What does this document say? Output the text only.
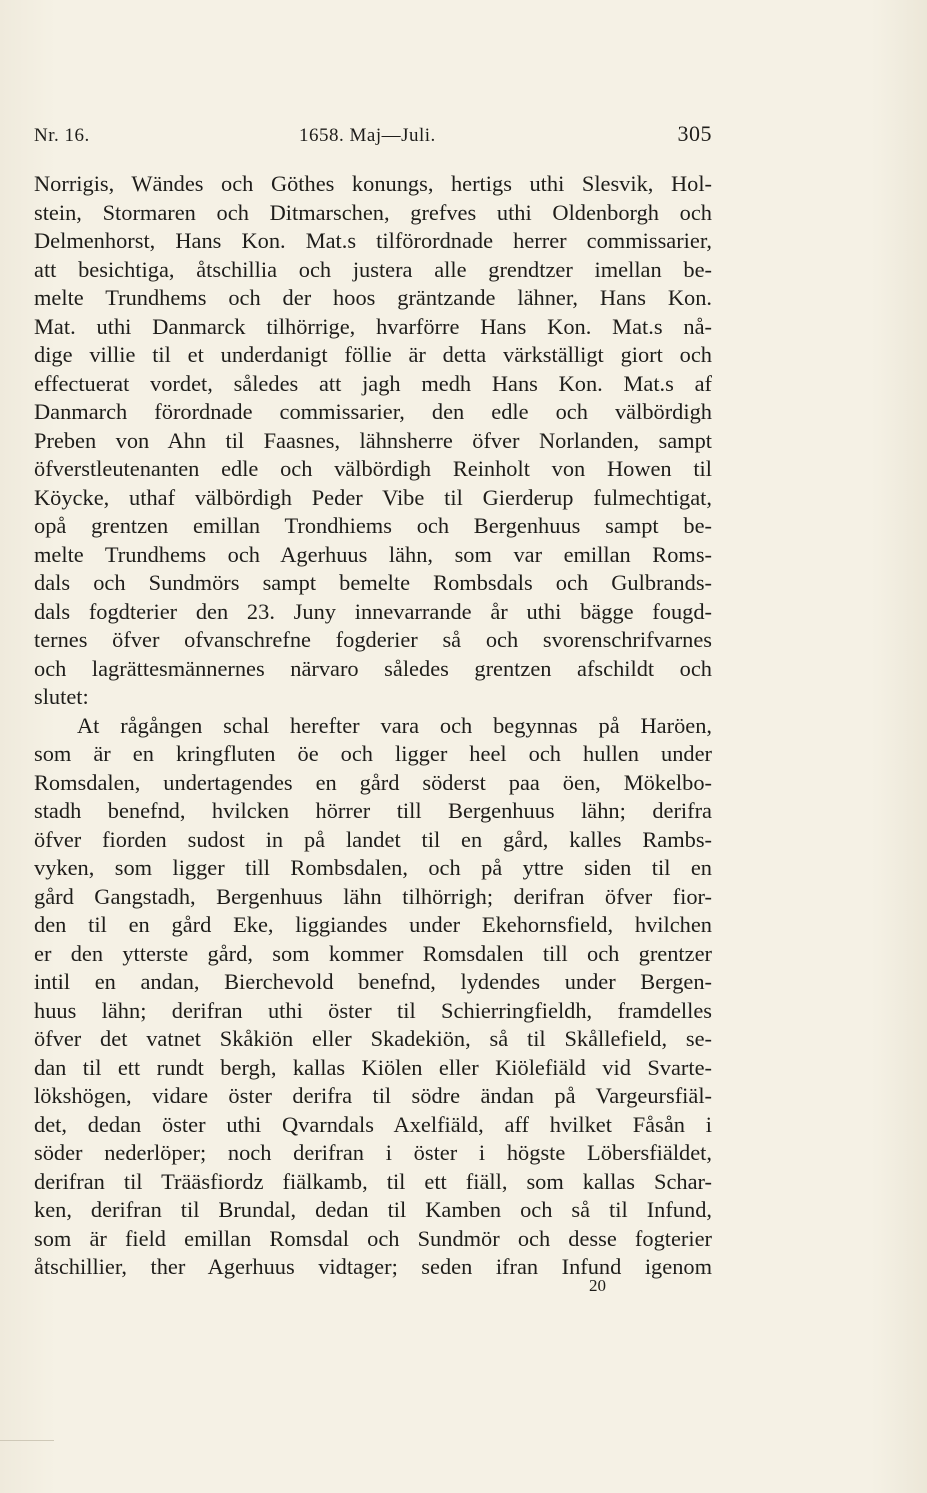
Nr. 16.	1658. Maj—Juli.	305
Norrigis, Wändes och Göthes konungs, hertigs uthi Slesvik, Hol-
stein, Stormaren och Ditmarschen, grefves uthi Oldenborgh och
Delmenhorst, Hans Kon. Mat.s tilförordnade herrer commissarier,
att besichtiga, åtschillia och justera alle grendtzer imellan be-
melte Trundhems och der hoos gräntzande lähner, Hans Kon.
Mat. uthi Danmarck tilhörrige, hvarförre Hans Kon. Mat.s nå-
dige villie til et underdanigt föllie är detta värkställigt giort och
effectuerat vordet, således att jagh medh Hans Kon. Mat.s af
Danmarch förordnade commissarier, den edle och välbördigh
Preben von Ahn til Faasnes, lähnsherre öfver Norlanden, sampt
öfverstleutenanten edle och välbördigh Reinholt von Howen til
Köycke, uthaf välbördigh Peder Vibe til Gierderup fulmechtigat,
opå grentzen emillan Trondhiems och Bergenhuus sampt be-
melte Trundhems och Agerhuus lähn, som var emillan Roms-
dals och Sundmörs sampt bemelte Rombsdals och Gulbrands-
dals fogdterier den 23. Juny innevarrande år uthi bägge fougd-
ternes öfver ofvanschrefne fogderier så och svorenschrifvarnes
och lagrättesmännernes närvaro således grentzen afschildt och
slutet:
At rågången schal herefter vara och begynnas på Haröen,
som är en kringfluten öe och ligger heel och hullen under
Romsdalen, undertagendes en gård söderst paa öen, Mökelbo-
stadh benefnd, hvilcken hörrer till Bergenhuus lähn; derifra
öfver fiorden sudost in på landet til en gård, kalles Rambs-
vyken, som ligger till Rombsdalen, och på yttre siden til en
gård Gangstadh, Bergenhuus lähn tilhörrigh; derifran öfver fior-
den til en gård Eke, liggiandes under Ekehornsfield, hvilchen
er den ytterste gård, som kommer Romsdalen till och grentzer
intil en andan, Bierchevold benefnd, lydendes under Bergen-
huus lähn; derifran uthi öster til Schierringfieldh, framdelles
öfver det vatnet Skåkiön eller Skadekiön, så til Skållefield, se-
dan til ett rundt bergh, kallas Kiölen eller Kiölefiäld vid Svarte-
lökshögen, vidare öster derifra til södre ändan på Vargeursfiäl-
det, dedan öster uthi Qvarndals Axelfiäld, aff hvilket Fåsån i
söder nederlöper; noch derifran i öster i högste Löbersfiäldet,
derifran til Trääsfiordz fiälkamb, til ett fiäll, som kallas Schar-
ken, derifran til Brundal, dedan til Kamben och så til Infund,
som är field emillan Romsdal och Sundmör och desse fogterier
åtschillier, ther Agerhuus vidtager; seden ifran Infund igenom
20
